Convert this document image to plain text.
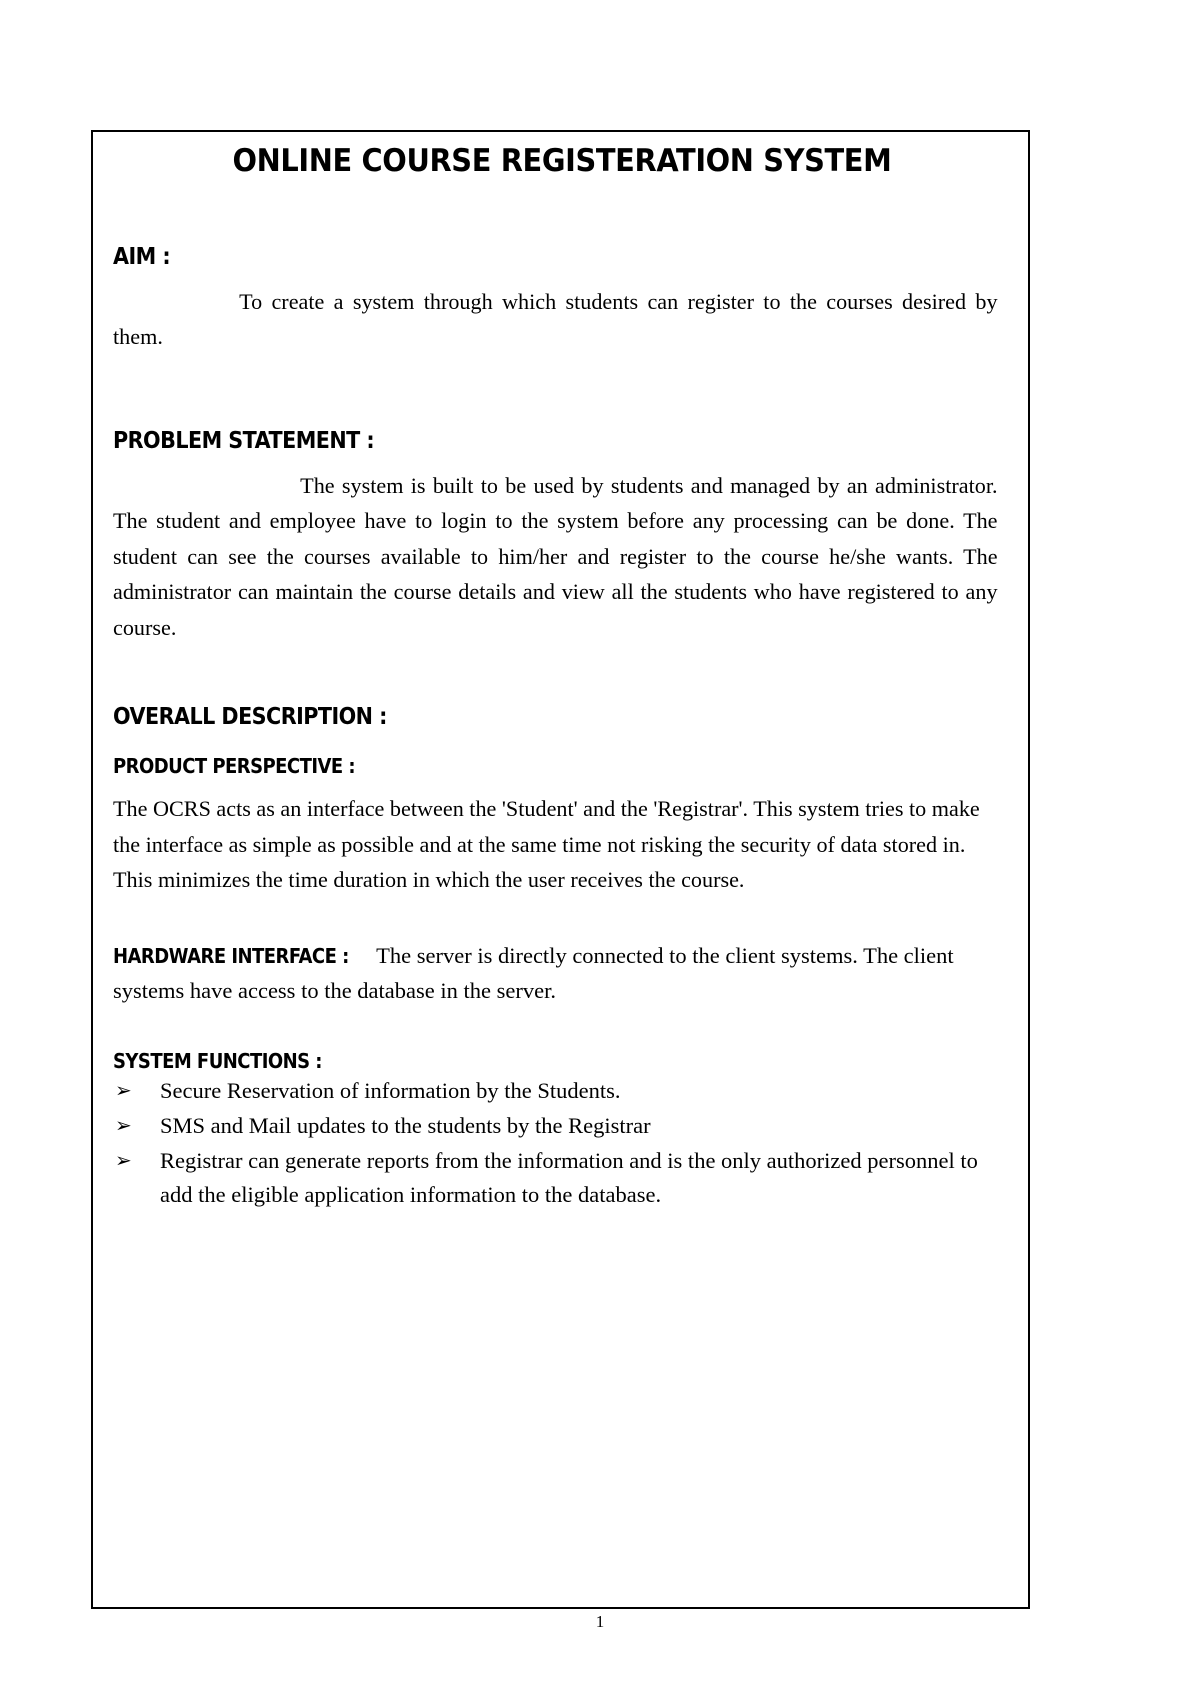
ONLINE COURSE REGISTERATION SYSTEM
AIM :

To create a system through which students can register to the courses desired by them.

PROBLEM STATEMENT :

The system is built to be used by students and managed by an administrator. The student and employee have to login to the system before any processing can be done. The student can see the courses available to him/her and register to the course he/she wants. The administrator can maintain the course details and view all the students who have registered to any course.

OVERALL DESCRIPTION :
PRODUCT PERSPECTIVE :

The OCRS acts as an interface between the 'Student' and the 'Registrar'. This system tries to make the interface as simple as possible and at the same time not risking the security of data stored in. This minimizes the time duration in which the user receives the course.

HARDWARE INTERFACE : The server is directly connected to the client systems. The client systems have access to the database in the server.

SYSTEM FUNCTIONS :
➢	Secure Reservation of information by the Students.
➢	SMS and Mail updates to the students by the Registrar
➢	Registrar can generate reports from the information and is the only authorized personnel to add the eligible application information to the database.
1
